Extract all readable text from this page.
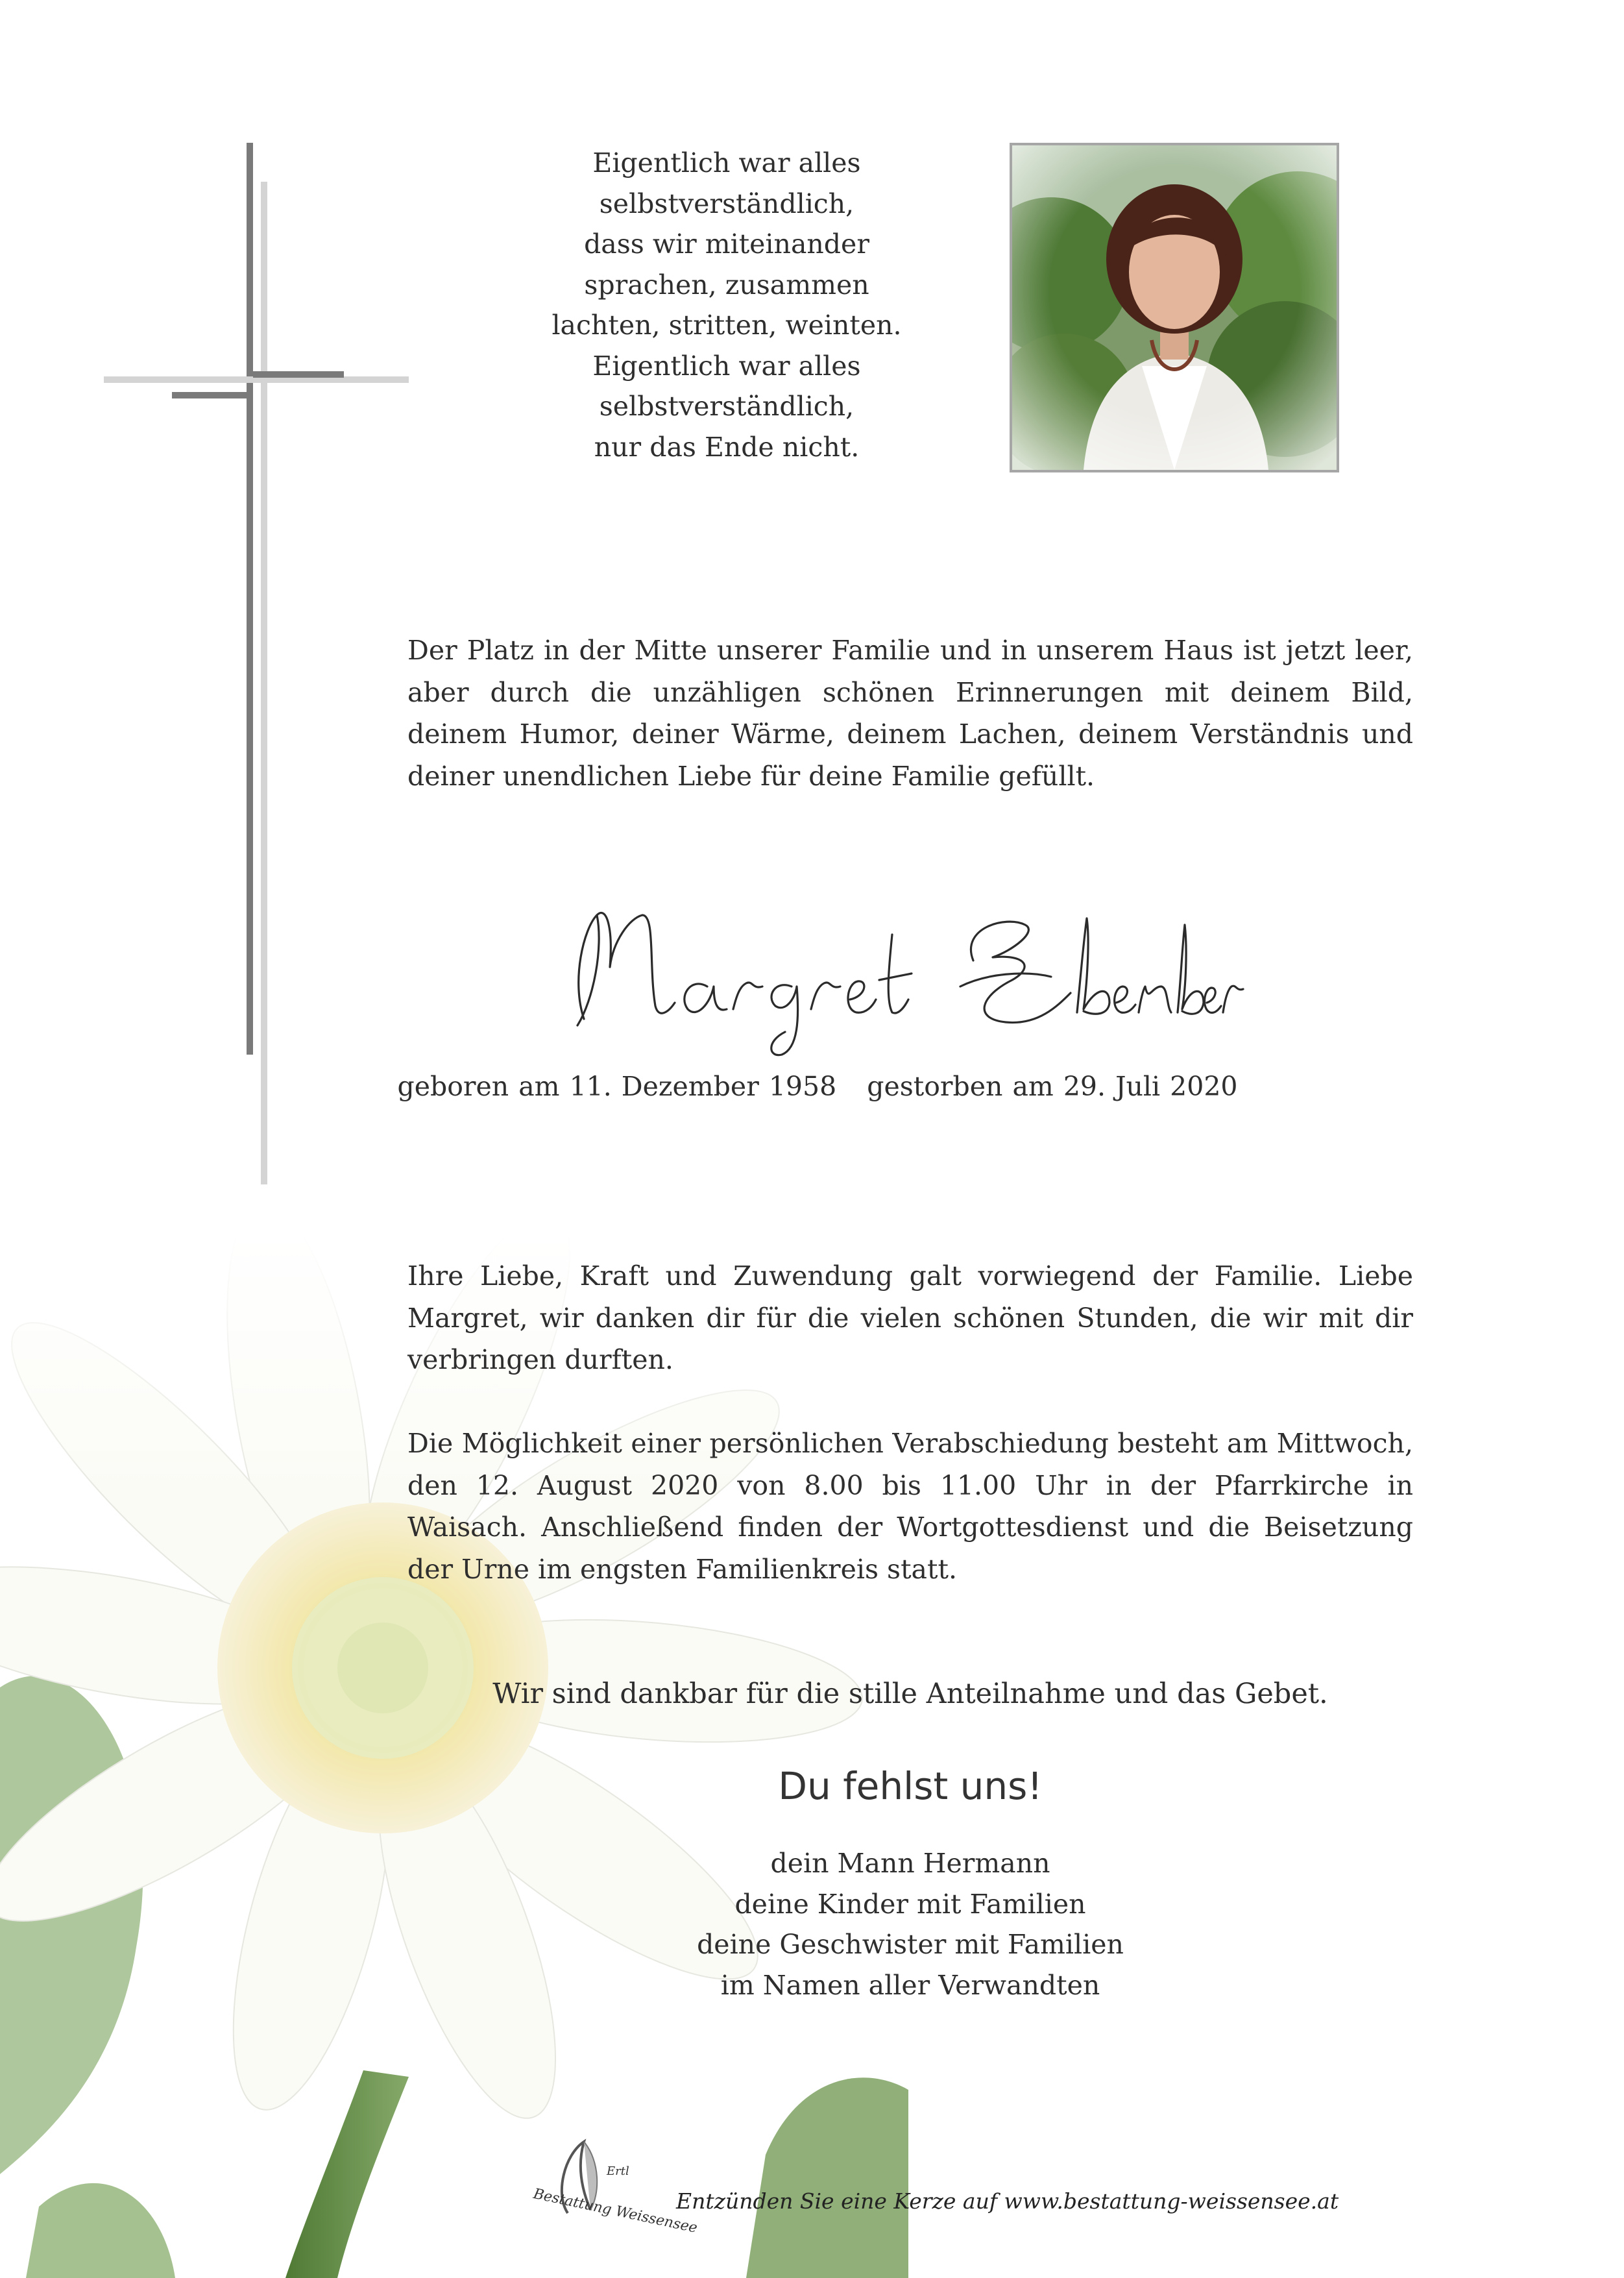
Eigentlich war alles
selbstverständlich,
dass wir miteinander
sprachen, zusammen
lachten, stritten, weinten.
Eigentlich war alles
selbstverständlich,
nur das Ende nicht.
Der Platz in der Mitte unserer Familie und in unserem Haus ist jetzt leer, aber durch die unzähligen schönen Erinnerungen mit deinem Bild, deinem Humor, deiner Wärme, deinem Lachen, deinem Verständnis und deiner unendlichen Liebe für deine Familie gefüllt.
geboren am 11. Dezember 1958 gestorben am 29. Juli 2020
Ihre Liebe, Kraft und Zuwendung galt vorwiegend der Familie. Liebe Margret, wir danken dir für die vielen schönen Stunden, die wir mit dir verbringen durften.
Die Möglichkeit einer persönlichen Verabschiedung besteht am Mittwoch, den 12. August 2020 von 8.00 bis 11.00 Uhr in der Pfarrkirche in Waisach. Anschließend finden der Wortgottesdienst und die Beisetzung der Urne im engsten Familienkreis statt.
Wir sind dankbar für die stille Anteilnahme und das Gebet.
Du fehlst uns!
dein Mann Hermann
deine Kinder mit Familien
deine Geschwister mit Familien
im Namen aller Verwandten
Ertl
Bestattung Weissensee
Entzünden Sie eine Kerze auf www.bestattung-weissensee.at
